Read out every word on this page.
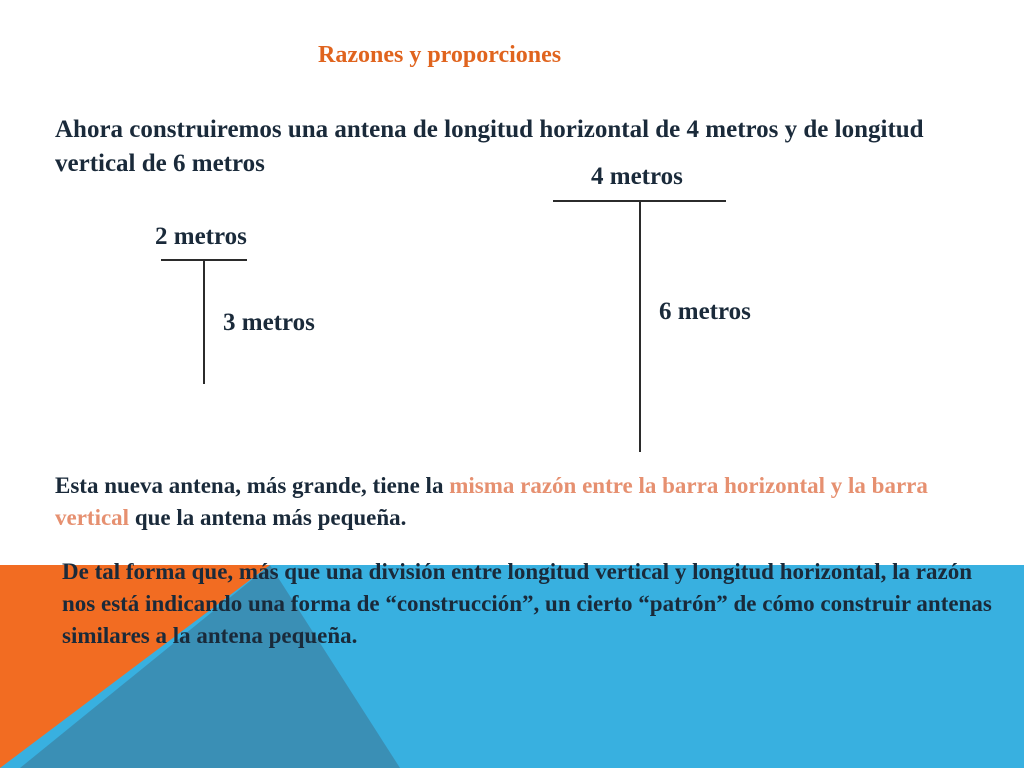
Razones y proporciones

Ahora construiremos una antena de longitud horizontal de 4 metros y de longitud vertical de 6 metros

2 metros
3 metros
4 metros
6 metros

Esta nueva antena, más grande, tiene la misma razón entre la barra horizontal y la barra vertical que la antena más pequeña.

De tal forma que, más que una división entre longitud vertical y longitud horizontal, la razón nos está indicando una forma de “construcción”, un cierto “patrón” de cómo construir antenas similares a la antena pequeña.
